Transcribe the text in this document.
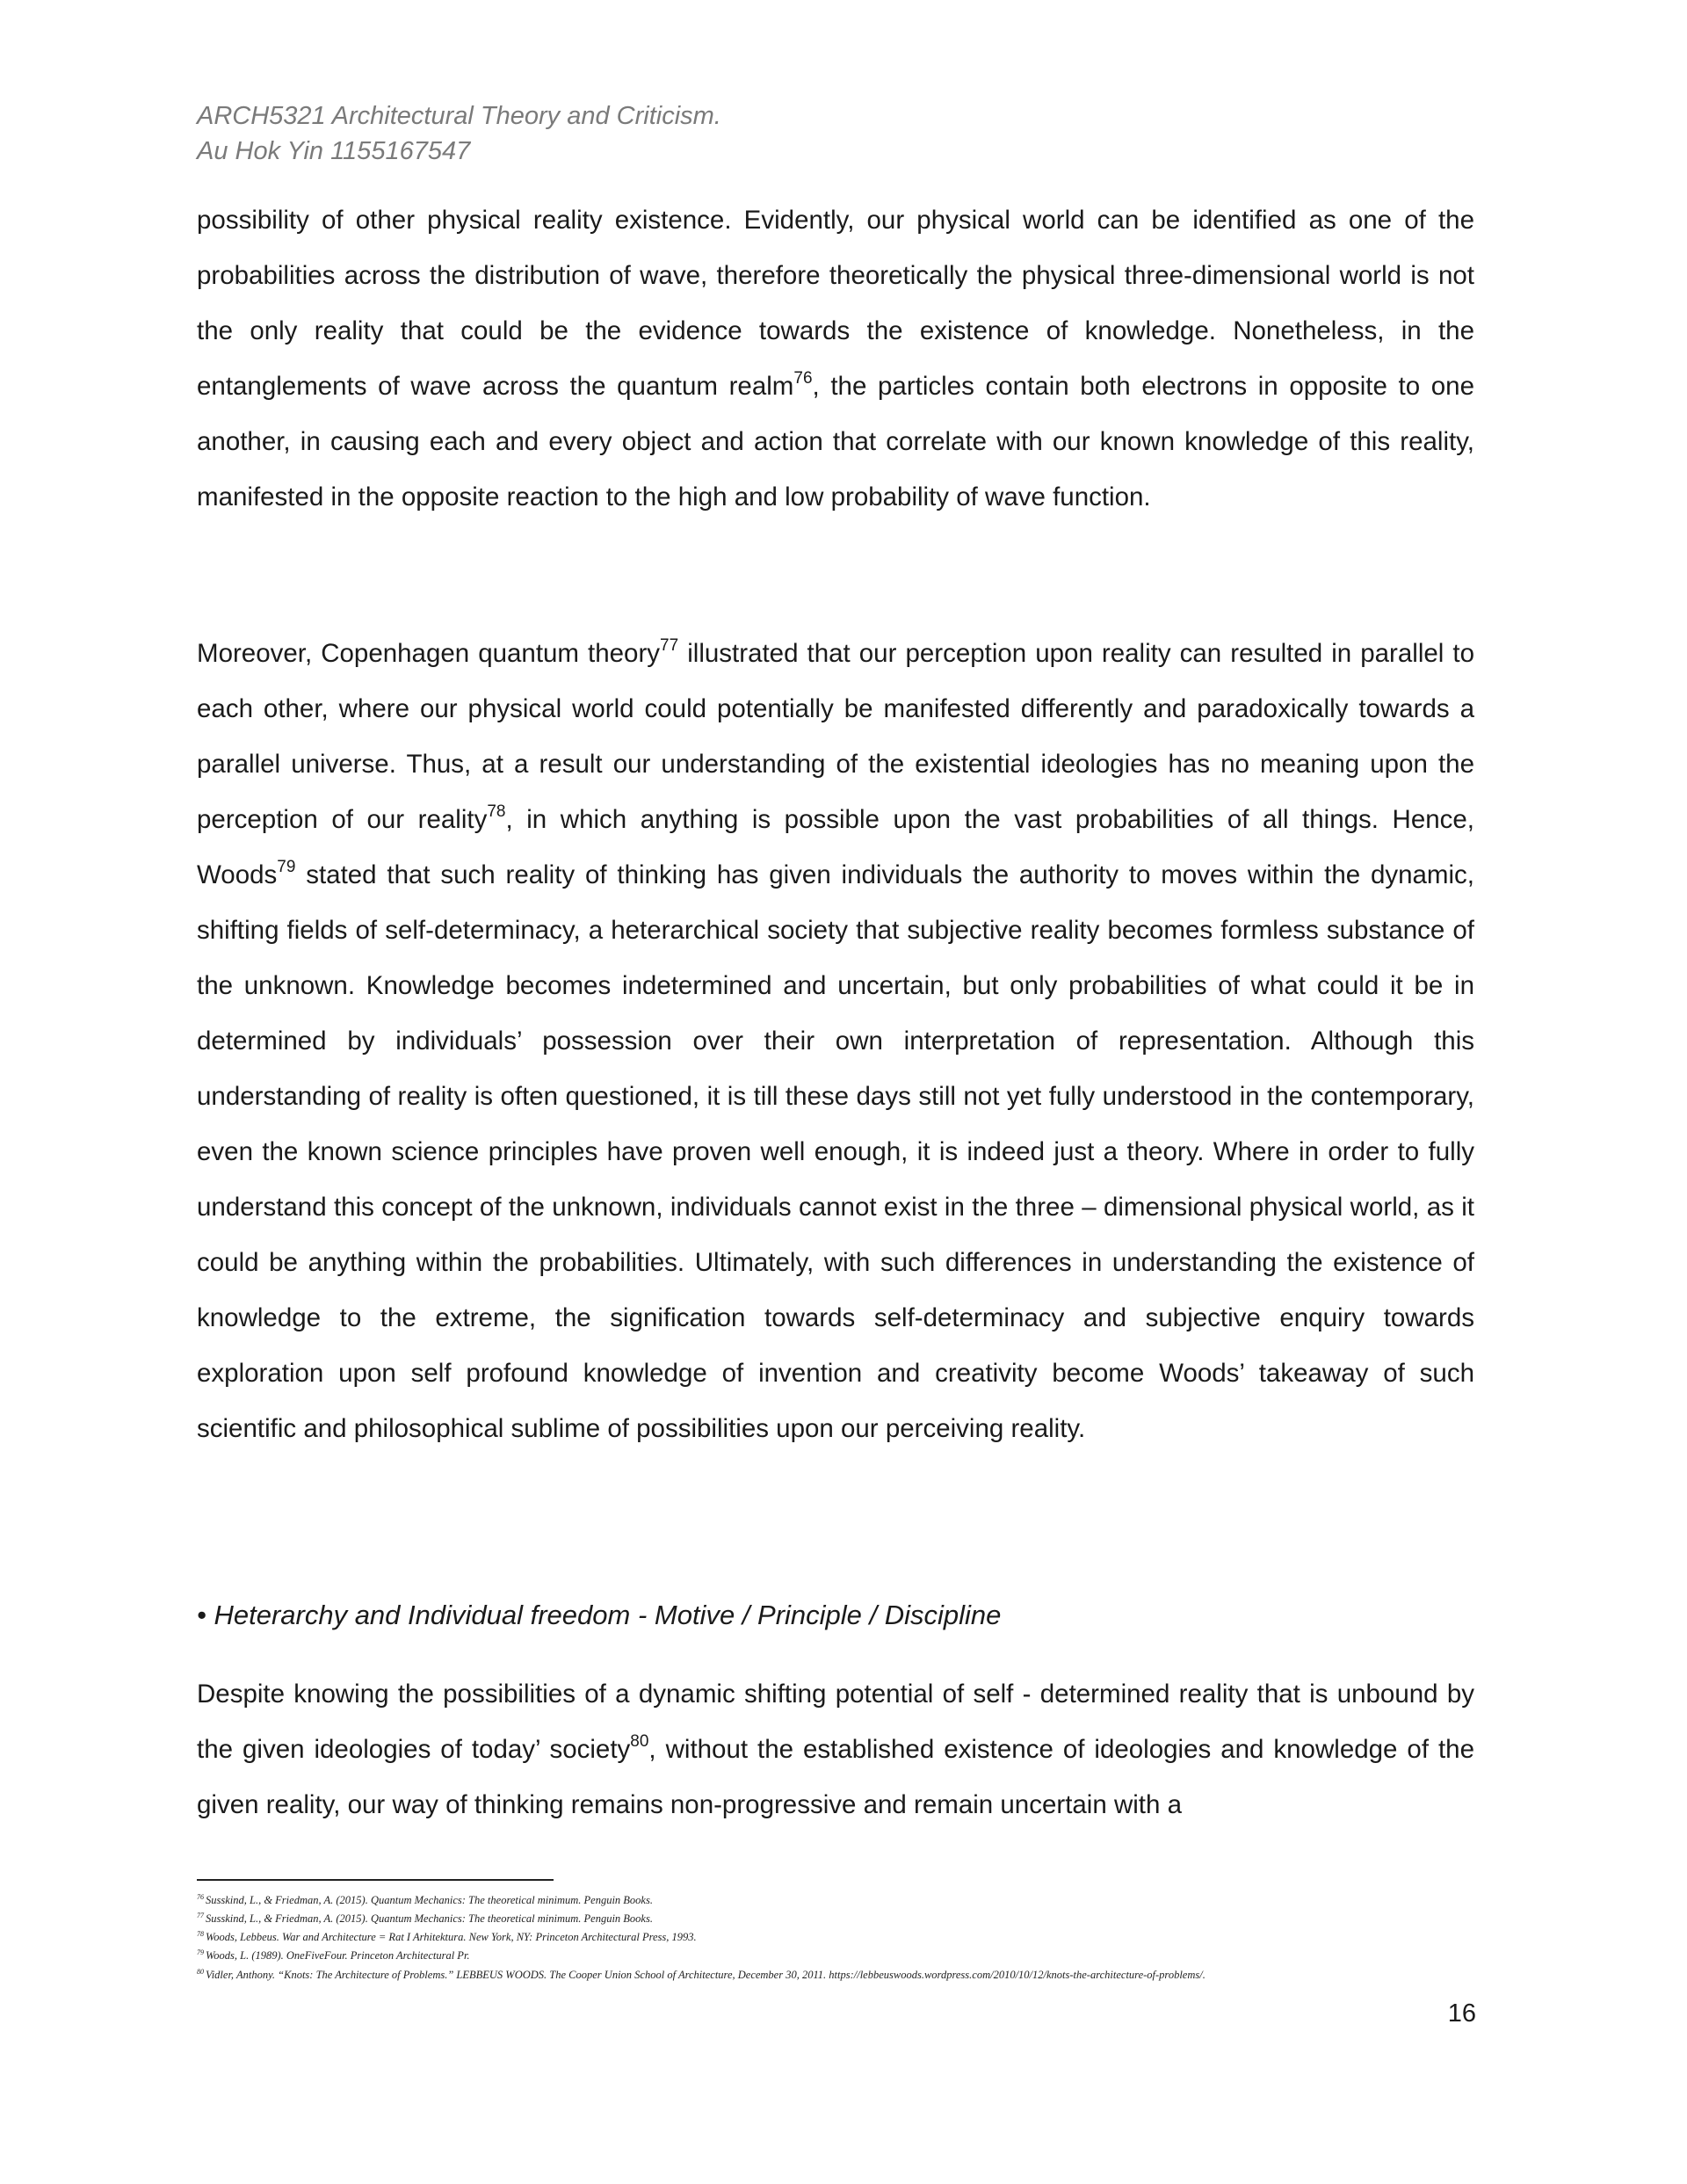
ARCH5321 Architectural Theory and Criticism.
Au Hok Yin 1155167547

possibility of other physical reality existence. Evidently, our physical world can be identified as one of the probabilities across the distribution of wave, therefore theoretically the physical three-dimensional world is not the only reality that could be the evidence towards the existence of knowledge. Nonetheless, in the entanglements of wave across the quantum realm$^{76}$, the particles contain both electrons in opposite to one another, in causing each and every object and action that correlate with our known knowledge of this reality, manifested in the opposite reaction to the high and low probability of wave function.

Moreover, Copenhagen quantum theory$^{77}$ illustrated that our perception upon reality can resulted in parallel to each other, where our physical world could potentially be manifested differently and paradoxically towards a parallel universe. Thus, at a result our understanding of the existential ideologies has no meaning upon the perception of our reality$^{78}$, in which anything is possible upon the vast probabilities of all things. Hence, Woods$^{79}$ stated that such reality of thinking has given individuals the authority to moves within the dynamic, shifting fields of self-determinacy, a heterarchical society that subjective reality becomes formless substance of the unknown. Knowledge becomes indetermined and uncertain, but only probabilities of what could it be in determined by individuals’ possession over their own interpretation of representation. Although this understanding of reality is often questioned, it is till these days still not yet fully understood in the contemporary, even the known science principles have proven well enough, it is indeed just a theory. Where in order to fully understand this concept of the unknown, individuals cannot exist in the three – dimensional physical world, as it could be anything within the probabilities. Ultimately, with such differences in understanding the existence of knowledge to the extreme, the signification towards self-determinacy and subjective enquiry towards exploration upon self profound knowledge of invention and creativity become Woods’ takeaway of such scientific and philosophical sublime of possibilities upon our perceiving reality.

• Heterarchy and Individual freedom - Motive / Principle / Discipline

Despite knowing the possibilities of a dynamic shifting potential of self - determined reality that is unbound by the given ideologies of today’ society$^{80}$, without the established existence of ideologies and knowledge of the given reality, our way of thinking remains non-progressive and remain uncertain with a

$^{76}$ Susskind, L., & Friedman, A. (2015). Quantum Mechanics: The theoretical minimum. Penguin Books.
$^{77}$ Susskind, L., & Friedman, A. (2015). Quantum Mechanics: The theoretical minimum. Penguin Books.
$^{78}$ Woods, Lebbeus. War and Architecture = Rat I Arhitektura. New York, NY: Princeton Architectural Press, 1993.
$^{79}$ Woods, L. (1989). OneFiveFour. Princeton Architectural Pr.
$^{80}$ Vidler, Anthony. “Knots: The Architecture of Problems.” LEBBEUS WOODS. The Cooper Union School of Architecture, December 30, 2011. https://lebbeuswoods.wordpress.com/2010/10/12/knots-the-architecture-of-problems/.
16
